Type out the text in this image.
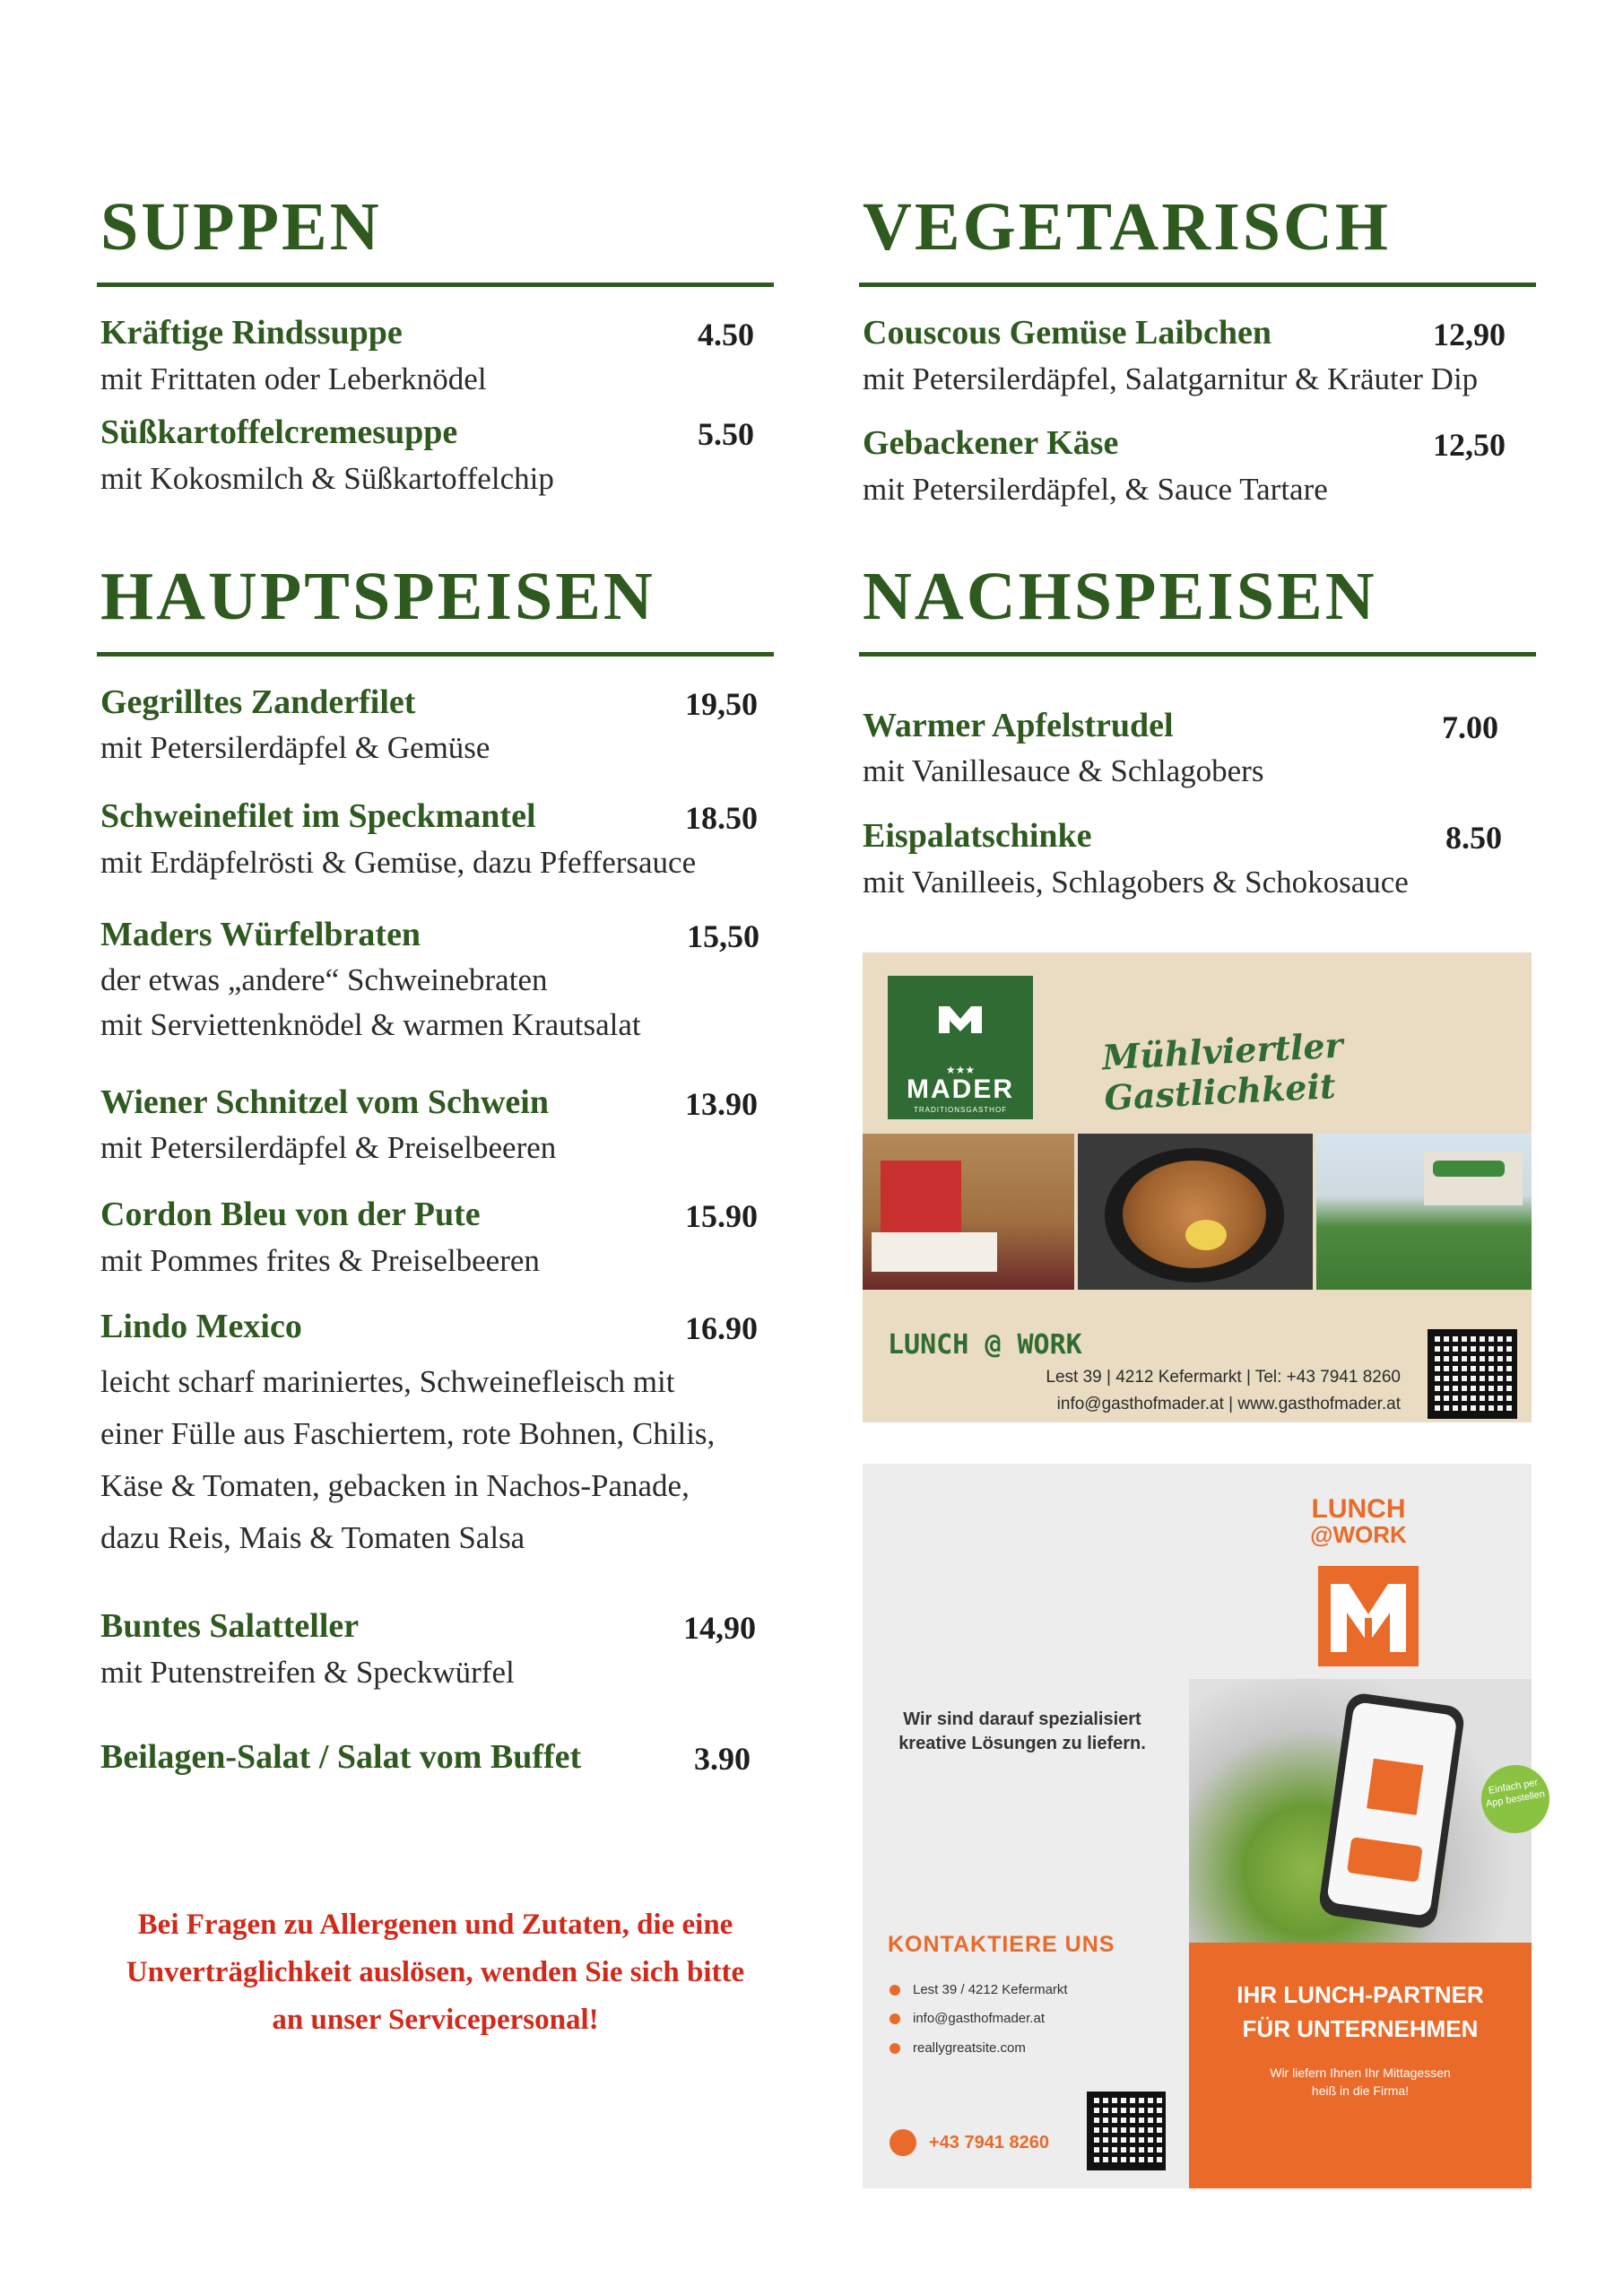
SUPPEN
Kräftige Rindssuppe	4.50
mit Frittaten oder Leberknödel
Süßkartoffelcremesuppe	5.50
mit Kokosmilch & Süßkartoffelchip
HAUPTSPEISEN
Gegrilltes Zanderfilet	19,50
mit Petersilerdäpfel & Gemüse
Schweinefilet im Speckmantel	18.50
mit Erdäpfelrösti & Gemüse, dazu Pfeffersauce
Maders Würfelbraten	15,50
der etwas „andere“ Schweinebraten
mit Serviettenknödel & warmen Krautsalat
Wiener Schnitzel vom Schwein	13.90
mit Petersilerdäpfel & Preiselbeeren
Cordon Bleu von der Pute	15.90
mit Pommes frites & Preiselbeeren
Lindo Mexico	16.90
leicht scharf mariniertes, Schweinefleisch mit
einer Fülle aus Faschiertem, rote Bohnen, Chilis,
Käse & Tomaten, gebacken in Nachos-Panade,
dazu Reis, Mais & Tomaten Salsa
Buntes Salatteller	14,90
mit Putenstreifen & Speckwürfel
Beilagen-Salat / Salat vom Buffet	3.90
Bei Fragen zu Allergenen und Zutaten, die eine
Unverträglichkeit auslösen, wenden Sie sich bitte
an unser Servicepersonal!
VEGETARISCH
Couscous Gemüse Laibchen	12,90
mit Petersilerdäpfel, Salatgarnitur & Kräuter Dip
Gebackener Käse	12,50
mit Petersilerdäpfel, & Sauce Tartare
NACHSPEISEN
Warmer Apfelstrudel	7.00
mit Vanillesauce & Schlagobers
Eispalatschinke	8.50
mit Vanilleeis, Schlagobers & Schokosauce
★★★
MADER
TRADITIONSGASTHOF
Mühlviertler Gastlichkeit
LUNCH @ WORK
Lest 39 | 4212 Kefermarkt | Tel: +43 7941 8260
info@gasthofmader.at | www.gasthofmader.at
LUNCH
@WORK
Wir sind darauf spezialisiert kreative Lösungen zu liefern.
Einfach per App bestellen
KONTAKTIERE UNS
Lest 39 / 4212 Kefermarkt
info@gasthofmader.at
reallygreatsite.com
IHR LUNCH-PARTNER
FÜR UNTERNEHMEN
Wir liefern Ihnen Ihr Mittagessen
heiß in die Firma!
lunchatwork.at
+43 7941 8260
